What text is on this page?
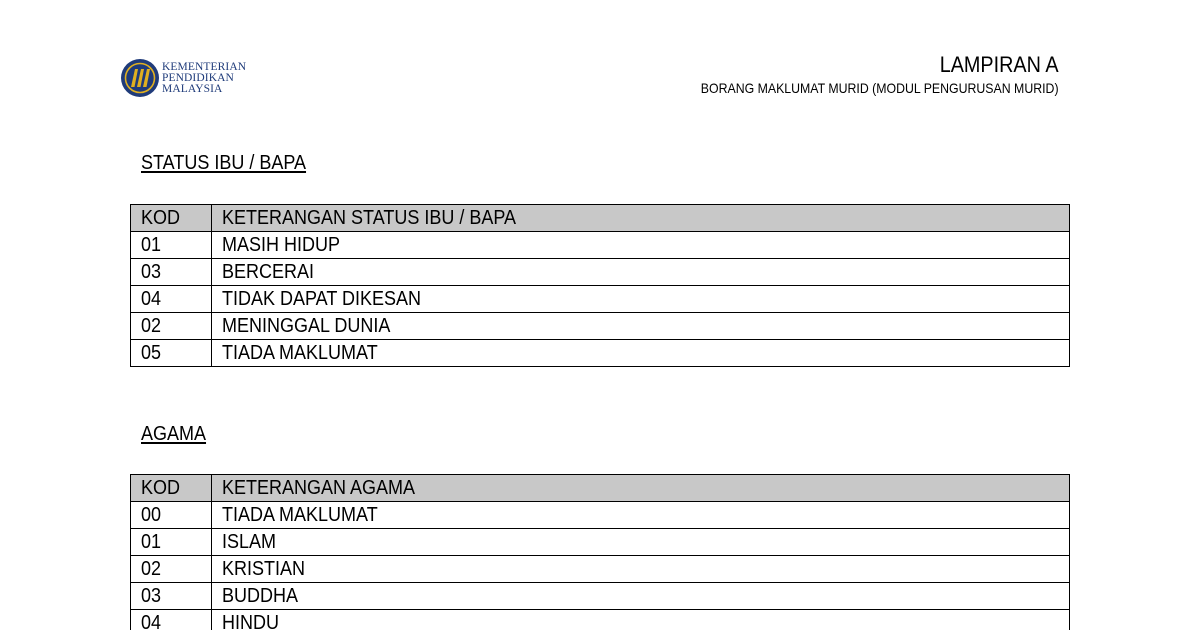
KEMENTERIAN
PENDIDIKAN
MALAYSIA
LAMPIRAN A
BORANG MAKLUMAT MURID (MODUL PENGURUSAN MURID)
STATUS IBU / BAPA
KOD	KETERANGAN STATUS IBU / BAPA
01	MASIH HIDUP
03	BERCERAI
04	TIDAK DAPAT DIKESAN
02	MENINGGAL DUNIA
05	TIADA MAKLUMAT
AGAMA
KOD	KETERANGAN AGAMA
00	TIADA MAKLUMAT
01	ISLAM
02	KRISTIAN
03	BUDDHA
04	HINDU
